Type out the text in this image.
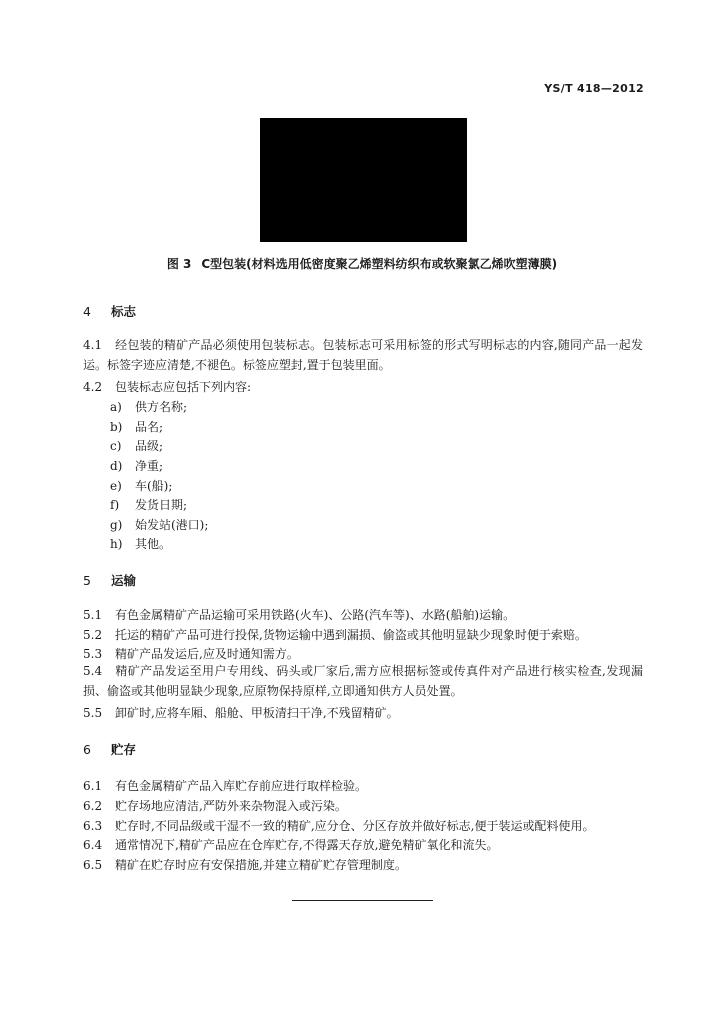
YS/T 418—2012
图 3 C型包装(材料选用低密度聚乙烯塑料纺织布或软聚氯乙烯吹塑薄膜)
4 标志
4.1 经包装的精矿产品必须使用包装标志。包装标志可采用标签的形式写明标志的内容,随同产品一起发运。标签字迹应清楚,不褪色。标签应塑封,置于包装里面。
4.2 包装标志应包括下列内容:
a) 供方名称;
b) 品名;
c) 品级;
d) 净重;
e) 车(船);
f) 发货日期;
g) 始发站(港口);
h) 其他。
5 运输
5.1 有色金属精矿产品运输可采用铁路(火车)、公路(汽车等)、水路(船舶)运输。
5.2 托运的精矿产品可进行投保,货物运输中遇到漏损、偷盗或其他明显缺少现象时便于索赔。
5.3 精矿产品发运后,应及时通知需方。
5.4 精矿产品发运至用户专用线、码头或厂家后,需方应根据标签或传真件对产品进行核实检查,发现漏损、偷盗或其他明显缺少现象,应原物保持原样,立即通知供方人员处置。
5.5 卸矿时,应将车厢、船舱、甲板清扫干净,不残留精矿。
6 贮存
6.1 有色金属精矿产品入库贮存前应进行取样检验。
6.2 贮存场地应清洁,严防外来杂物混入或污染。
6.3 贮存时,不同品级或干湿不一致的精矿,应分仓、分区存放并做好标志,便于装运或配料使用。
6.4 通常情况下,精矿产品应在仓库贮存,不得露天存放,避免精矿氧化和流失。
6.5 精矿在贮存时应有安保措施,并建立精矿贮存管理制度。
